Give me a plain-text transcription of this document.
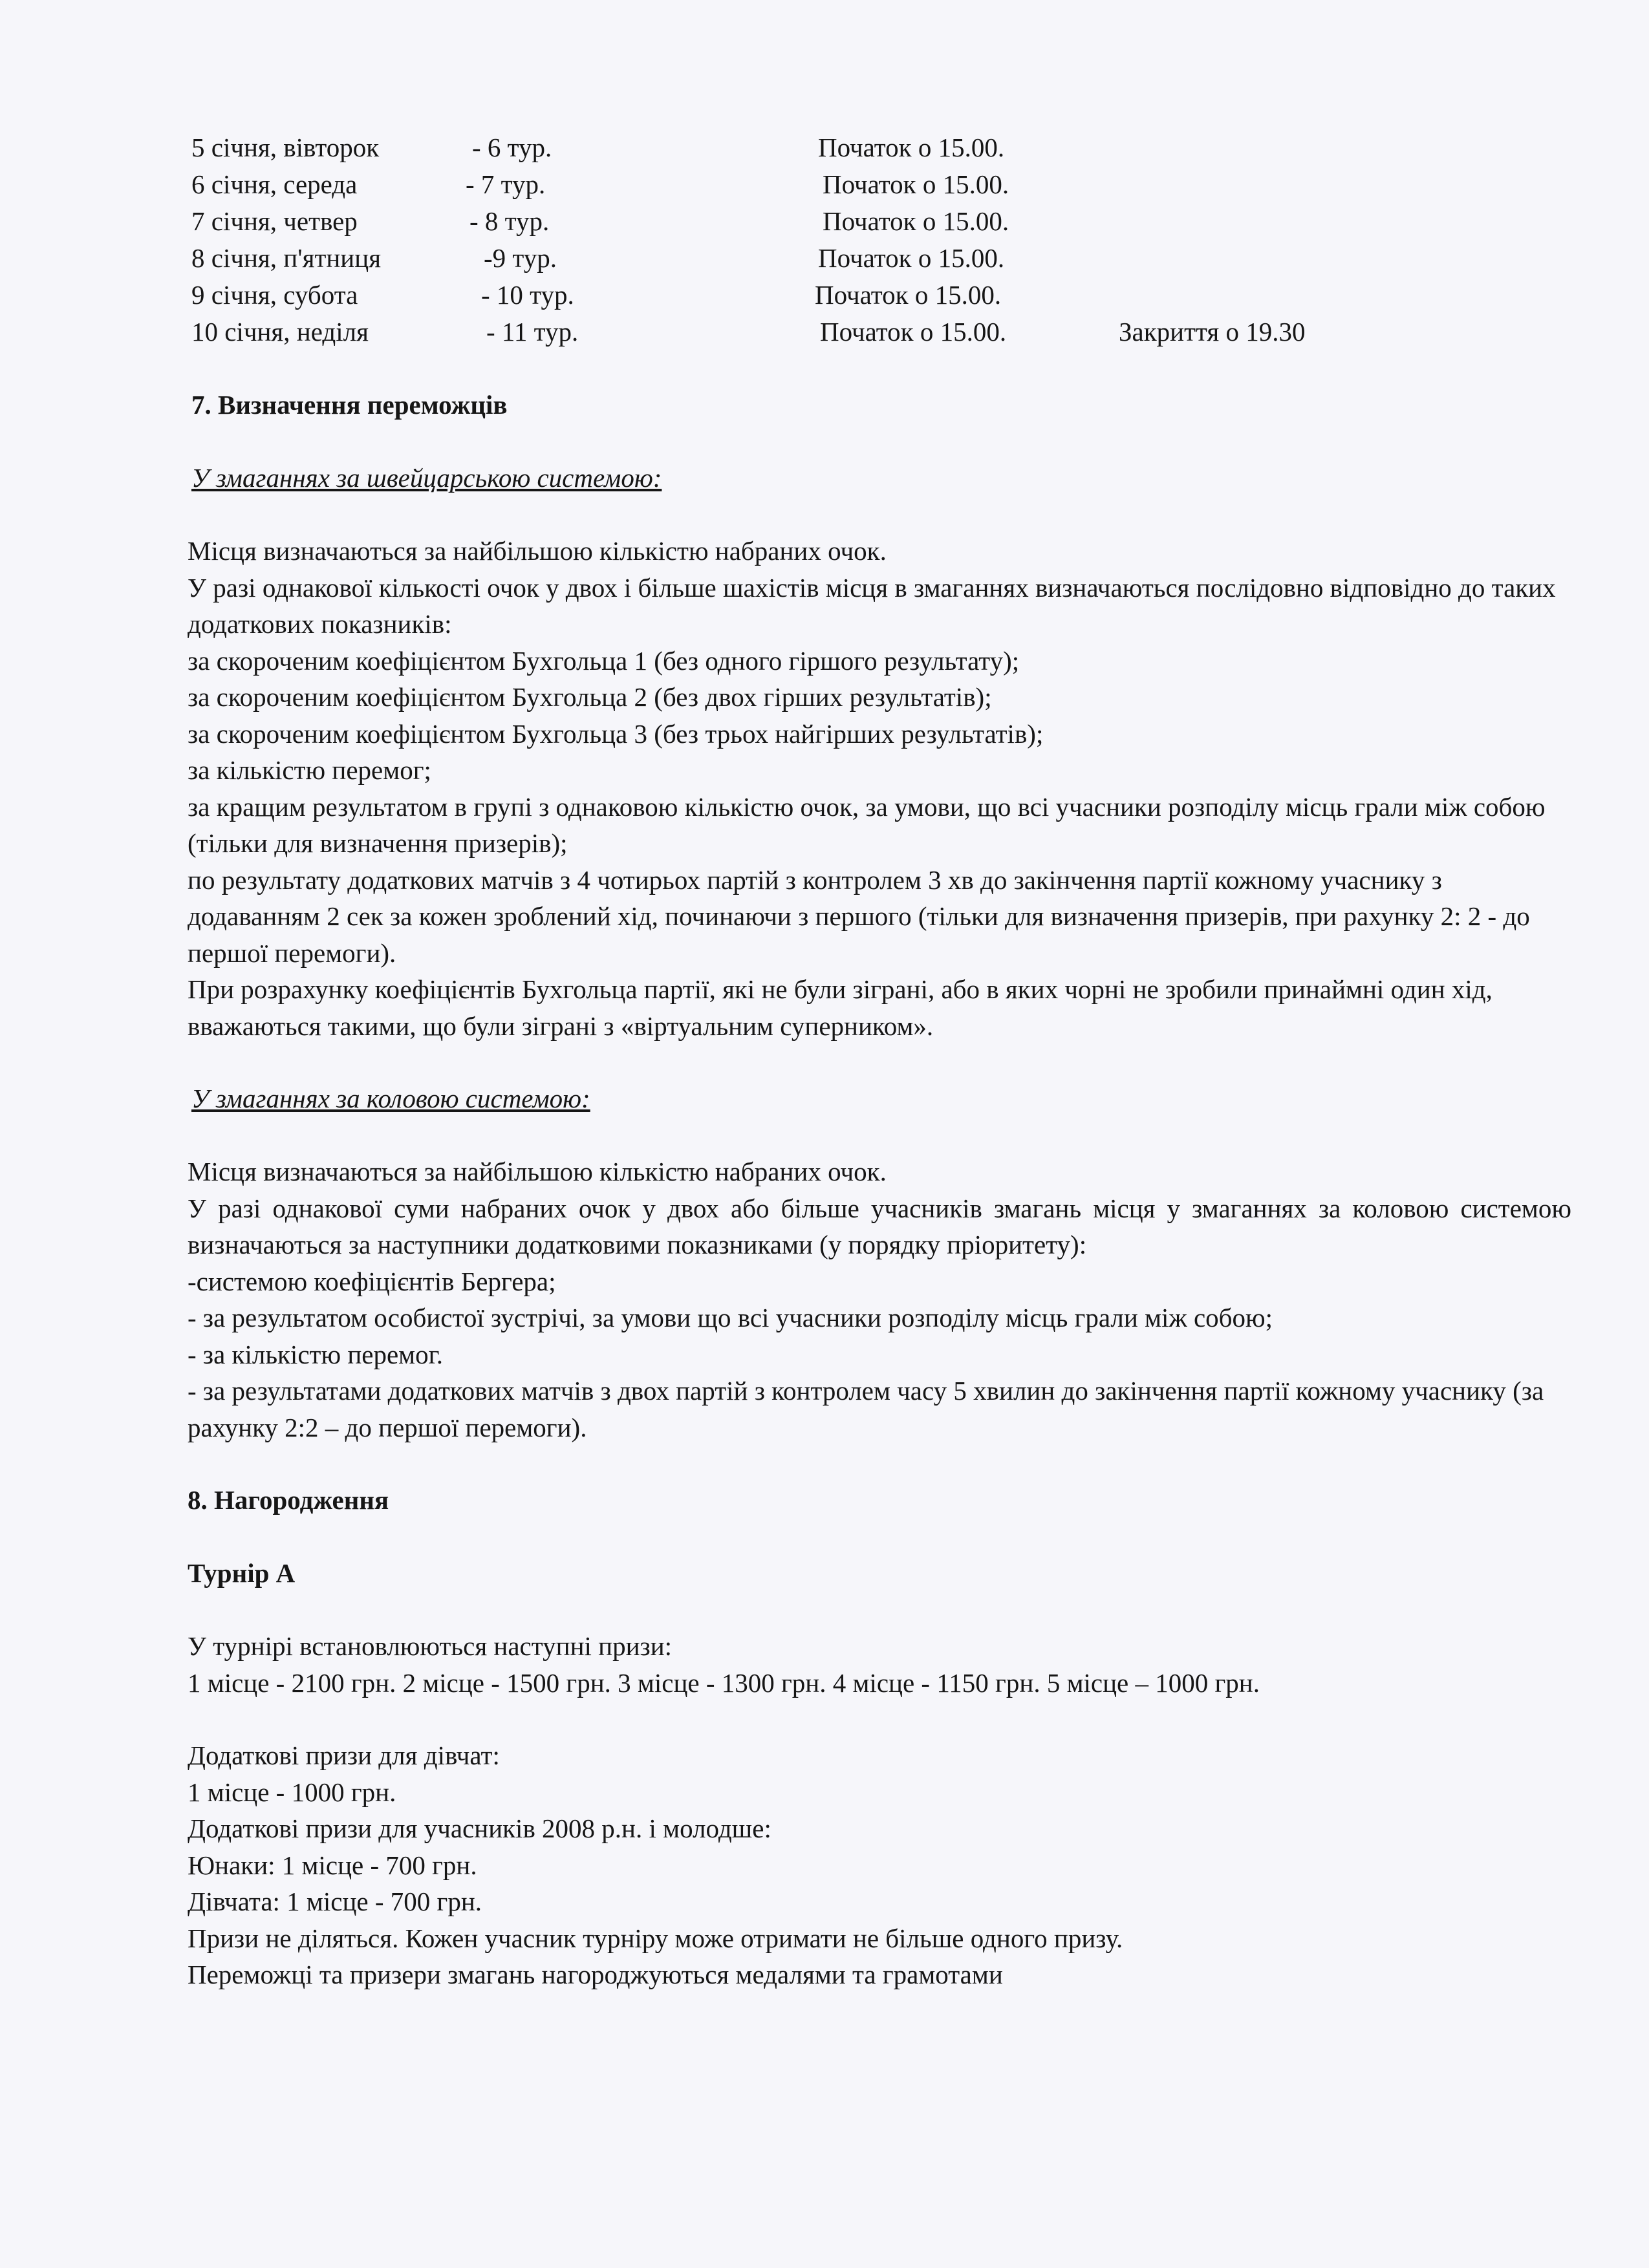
5 січня, вівторок	- 6 тур.	Початок о 15.00.
6 січня, середа	- 7 тур.	Початок о 15.00.
7 січня, четвер	- 8 тур.	Початок о 15.00.
8 січня, п'ятниця	-9 тур.	Початок о 15.00.
9 січня, субота	- 10 тур.	Початок о 15.00.
10 січня, неділя	- 11 тур.	Початок о 15.00.	Закриття о 19.30
7. Визначення переможців

У змаганнях за швейцарською системою:

Місця визначаються за найбільшою кількістю набраних очок.

У разі однакової кількості очок у двох і більше шахістів місця в змаганнях визначаються послідовно відповідно до таких додаткових показників:

за скороченим коефіцієнтом Бухгольца 1 (без одного гіршого результату);

за скороченим коефіцієнтом Бухгольца 2 (без двох гірших результатів);

за скороченим коефіцієнтом Бухгольца 3 (без трьох найгірших результатів);

за кількістю перемог;

за кращим результатом в групі з однаковою кількістю очок, за умови, що всі учасники розподілу місць грали між собою (тільки для визначення призерів);

по результату додаткових матчів з 4 чотирьох партій з контролем 3 хв до закінчення партії кожному учаснику з додаванням 2 сек за кожен зроблений хід, починаючи з першого (тільки для визначення призерів, при рахунку 2: 2 - до першої перемоги).

При розрахунку коефіцієнтів Бухгольца партії, які не були зіграні, або в яких чорні не зробили принаймні один хід, вважаються такими, що були зіграні з «віртуальним суперником».

У змаганнях за коловою системою:

Місця визначаються за найбільшою кількістю набраних очок.

У разі однакової суми набраних очок у двох або більше учасників змагань місця у змаганнях за коловою системою визначаються за наступники додатковими показниками (у порядку пріоритету):

-системою коефіцієнтів Бергера;

- за результатом особистої зустрічі, за умови що всі учасники розподілу місць грали між собою;

- за кількістю перемог.

- за результатами додаткових матчів з двох партій з контролем часу 5 хвилин до закінчення партії кожному учаснику (за рахунку 2:2 – до першої перемоги).

8. Нагородження
Турнір А

У турнірі встановлюються наступні призи:

1 місце - 2100 грн. 2 місце - 1500 грн. 3 місце - 1300 грн. 4 місце - 1150 грн. 5 місце – 1000 грн.

Додаткові призи для дівчат:

1 місце - 1000 грн.

Додаткові призи для учасників 2008 р.н. і молодше:

Юнаки: 1 місце - 700 грн.

Дівчата: 1 місце - 700 грн.

Призи не діляться. Кожен учасник турніру може отримати не більше одного призу.

Переможці та призери змагань нагороджуються медалями та грамотами
